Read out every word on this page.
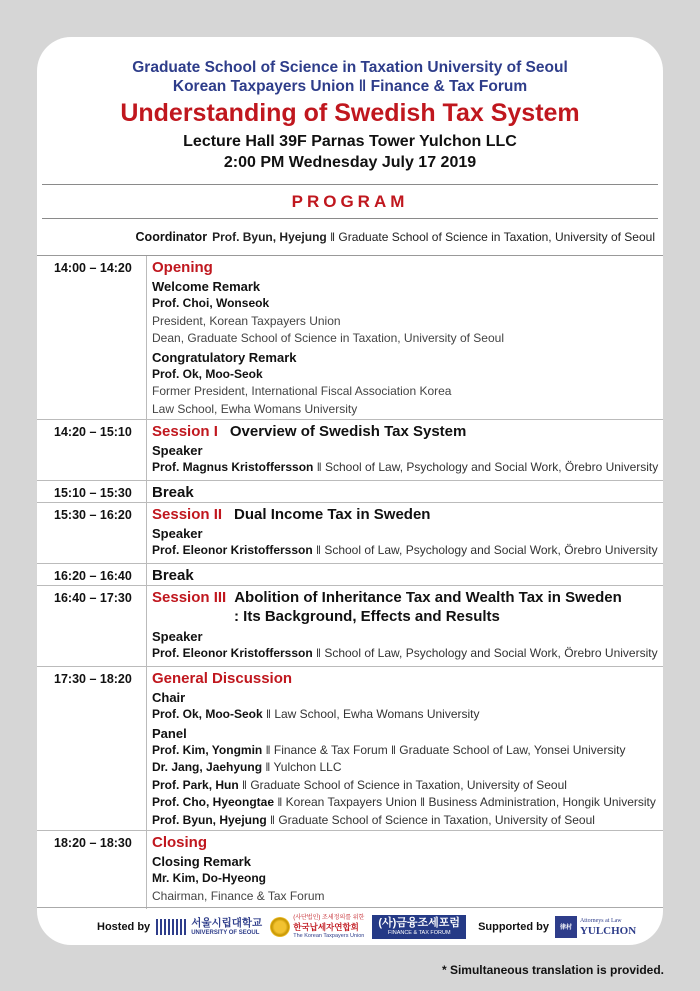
Graduate School of Science in Taxation University of Seoul
Korean Taxpayers Union ‖ Finance & Tax Forum
Understanding of Swedish Tax System
Lecture Hall 39F Parnas Tower Yulchon LLC
2:00 PM Wednesday July 17 2019
PROGRAM
Coordinator Prof. Byun, Hyejung ‖ Graduate School of Science in Taxation, University of Seoul
14:00 – 14:20	Opening
Welcome Remark
Prof. Choi, Wonseok
President, Korean Taxpayers Union
Dean, Graduate School of Science in Taxation, University of Seoul
Congratulatory Remark
Prof. Ok, Moo-Seok
Former President, International Fiscal Association Korea
Law School, Ewha Womans University
14:20 – 15:10	Session I Overview of Swedish Tax System
Speaker
Prof. Magnus Kristoffersson ‖ School of Law, Psychology and Social Work, Örebro University
15:10 – 15:30	Break
15:30 – 16:20	Session II Dual Income Tax in Sweden
Speaker
Prof. Eleonor Kristoffersson ‖ School of Law, Psychology and Social Work, Örebro University
16:20 – 16:40	Break
16:40 – 17:30	Session III Abolition of Inheritance Tax and Wealth Tax in Sweden
: Its Background, Effects and Results
Speaker
Prof. Eleonor Kristoffersson ‖ School of Law, Psychology and Social Work, Örebro University
17:30 – 18:20	General Discussion
Chair
Prof. Ok, Moo-Seok ‖ Law School, Ewha Womans University
Panel
Prof. Kim, Yongmin ‖ Finance & Tax Forum ‖ Graduate School of Law, Yonsei University
Dr. Jang, Jaehyung ‖ Yulchon LLC
Prof. Park, Hun ‖ Graduate School of Science in Taxation, University of Seoul
Prof. Cho, Hyeongtae ‖ Korean Taxpayers Union ‖ Business Administration, Hongik University
Prof. Byun, Hyejung ‖ Graduate School of Science in Taxation, University of Seoul
18:20 – 18:30	Closing
Closing Remark
Mr. Kim, Do-Hyeong
Chairman, Finance & Tax Forum
Hosted by	서울시립대학교
UNIVERSITY OF SEOUL
(사단법인) 조세정의를 위한
한국납세자연합회
The Korean Taxpayers Union
(사)금융조세포럼
FINANCE & TAX FORUM Supported by	律村
Attorneys at Law
YULCHON
* Simultaneous translation is provided.
